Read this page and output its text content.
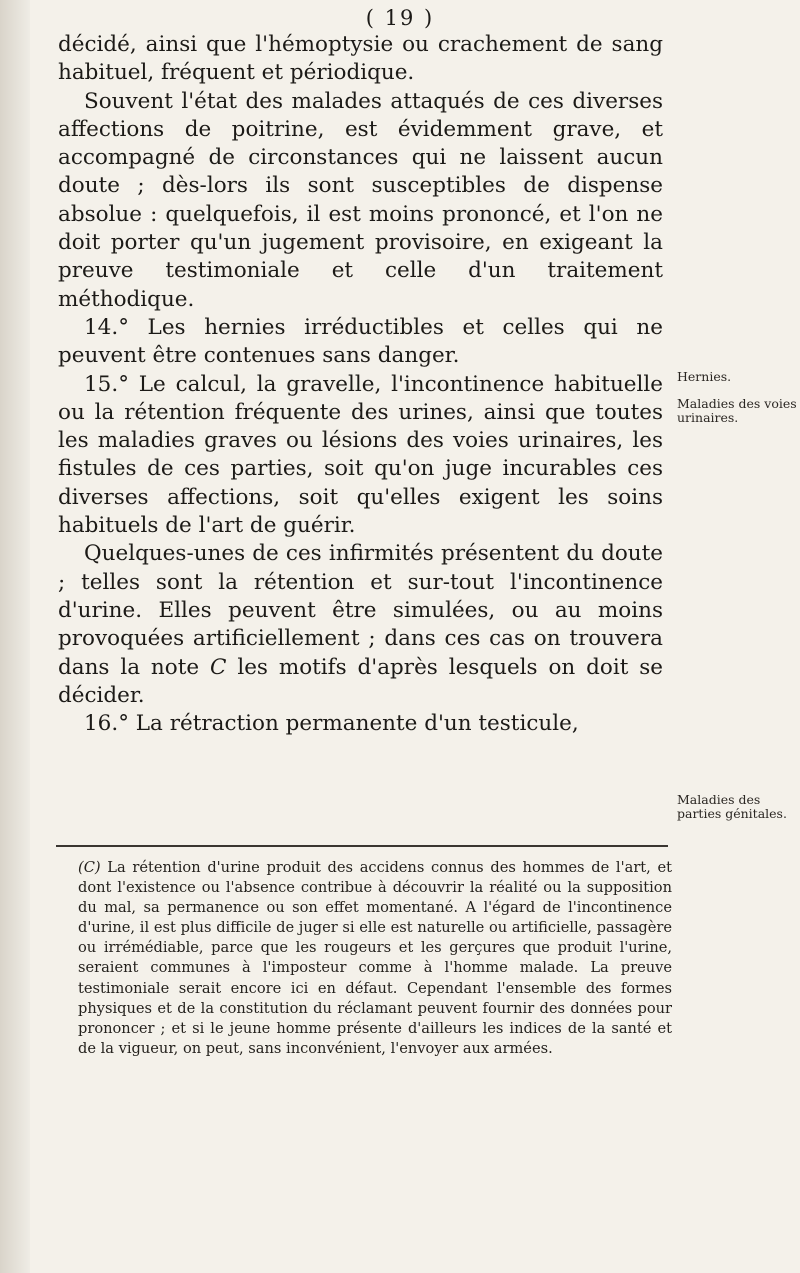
( 19 )

décidé, ainsi que l'hémoptysie ou crachement de sang habituel, fréquent et périodique.

Souvent l'état des malades attaqués de ces diverses affections de poitrine, est évidemment grave, et accompagné de circonstances qui ne laissent aucun doute ; dès-lors ils sont susceptibles de dispense absolue : quelquefois, il est moins prononcé, et l'on ne doit porter qu'un jugement provisoire, en exigeant la preuve testimoniale et celle d'un traitement méthodique.

14.° Les hernies irréductibles et celles qui ne peuvent être contenues sans danger.

15.° Le calcul, la gravelle, l'incontinence habituelle ou la rétention fréquente des urines, ainsi que toutes les maladies graves ou lésions des voies urinaires, les fistules de ces parties, soit qu'on juge incurables ces diverses affections, soit qu'elles exigent les soins habituels de l'art de guérir.

Quelques-unes de ces infirmités présentent du doute ; telles sont la rétention et sur-tout l'incontinence d'urine. Elles peuvent être simulées, ou au moins provoquées artificiellement ; dans ces cas on trouvera dans la note C les motifs d'après lesquels on doit se décider.

16.° La rétraction permanente d'un testicule,

Hernies.
Maladies des voies urinaires.
Maladies des parties génitales.
(C) La rétention d'urine produit des accidens connus des hommes de l'art, et dont l'existence ou l'absence contribue à découvrir la réalité ou la supposition du mal, sa permanence ou son effet momentané. A l'égard de l'incontinence d'urine, il est plus difficile de juger si elle est naturelle ou artificielle, passagère ou irrémédiable, parce que les rougeurs et les gerçures que produit l'urine, seraient communes à l'imposteur comme à l'homme malade. La preuve testimoniale serait encore ici en défaut. Cependant l'ensemble des formes physiques et de la constitution du réclamant peuvent fournir des données pour prononcer ; et si le jeune homme présente d'ailleurs les indices de la santé et de la vigueur, on peut, sans inconvénient, l'envoyer aux armées.
